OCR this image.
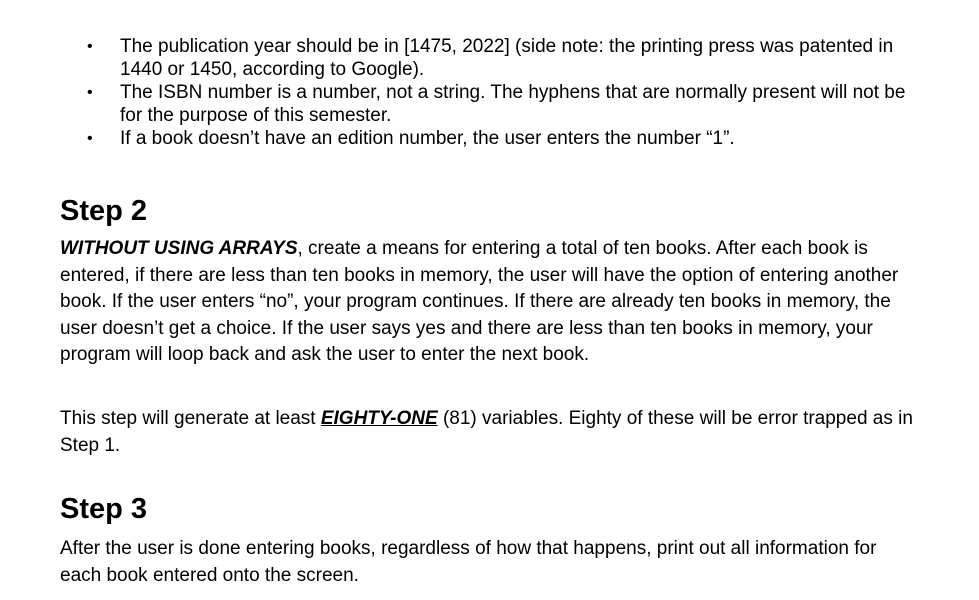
• The publication year should be in [1475, 2022] (side note: the printing press was patented in 1440 or 1450, according to Google).
• The ISBN number is a number, not a string. The hyphens that are normally present will not be for the purpose of this semester.
• If a book doesn’t have an edition number, the user enters the number “1”.
Step 2

WITHOUT USING ARRAYS, create a means for entering a total of ten books. After each book is entered, if there are less than ten books in memory, the user will have the option of entering another book. If the user enters “no”, your program continues. If there are already ten books in memory, the user doesn’t get a choice. If the user says yes and there are less than ten books in memory, your program will loop back and ask the user to enter the next book.

This step will generate at least EIGHTY-ONE (81) variables. Eighty of these will be error trapped as in Step 1.

Step 3

After the user is done entering books, regardless of how that happens, print out all information for each book entered onto the screen.
